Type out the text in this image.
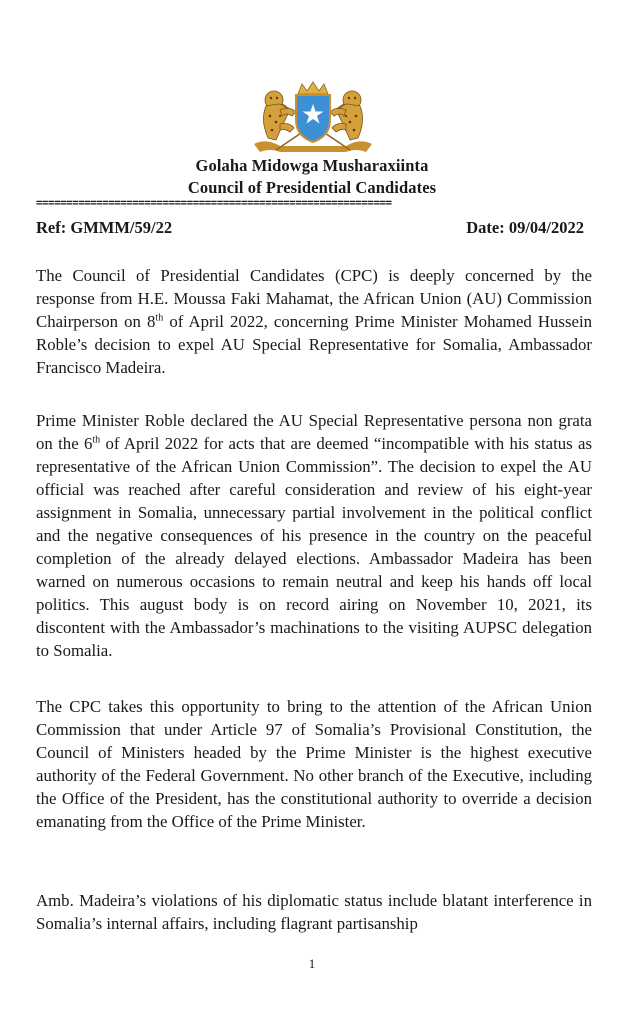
Golaha Midowga Musharaxiinta
Council of Presidential Candidates
===========================================================
Ref: GMMM/59/22	Date: 09/04/2022
The Council of Presidential Candidates (CPC) is deeply concerned by the response from H.E. Moussa Faki Mahamat, the African Union (AU) Commission Chairperson on 8th of April 2022, concerning Prime Minister Mohamed Hussein Roble’s decision to expel AU Special Representative for Somalia, Ambassador Francisco Madeira.
Prime Minister Roble declared the AU Special Representative persona non grata on the 6th of April 2022 for acts that are deemed “incompatible with his status as representative of the African Union Commission”. The decision to expel the AU official was reached after careful consideration and review of his eight-year assignment in Somalia, unnecessary partial involvement in the political conflict and the negative consequences of his presence in the country on the peaceful completion of the already delayed elections. Ambassador Madeira has been warned on numerous occasions to remain neutral and keep his hands off local politics. This august body is on record airing on November 10, 2021, its discontent with the Ambassador’s machinations to the visiting AUPSC delegation to Somalia.
The CPC takes this opportunity to bring to the attention of the African Union Commission that under Article 97 of Somalia’s Provisional Constitution, the Council of Ministers headed by the Prime Minister is the highest executive authority of the Federal Government. No other branch of the Executive, including the Office of the President, has the constitutional authority to override a decision emanating from the Office of the Prime Minister.
Amb. Madeira’s violations of his diplomatic status include blatant interference in Somalia’s internal affairs, including flagrant partisanship
1
